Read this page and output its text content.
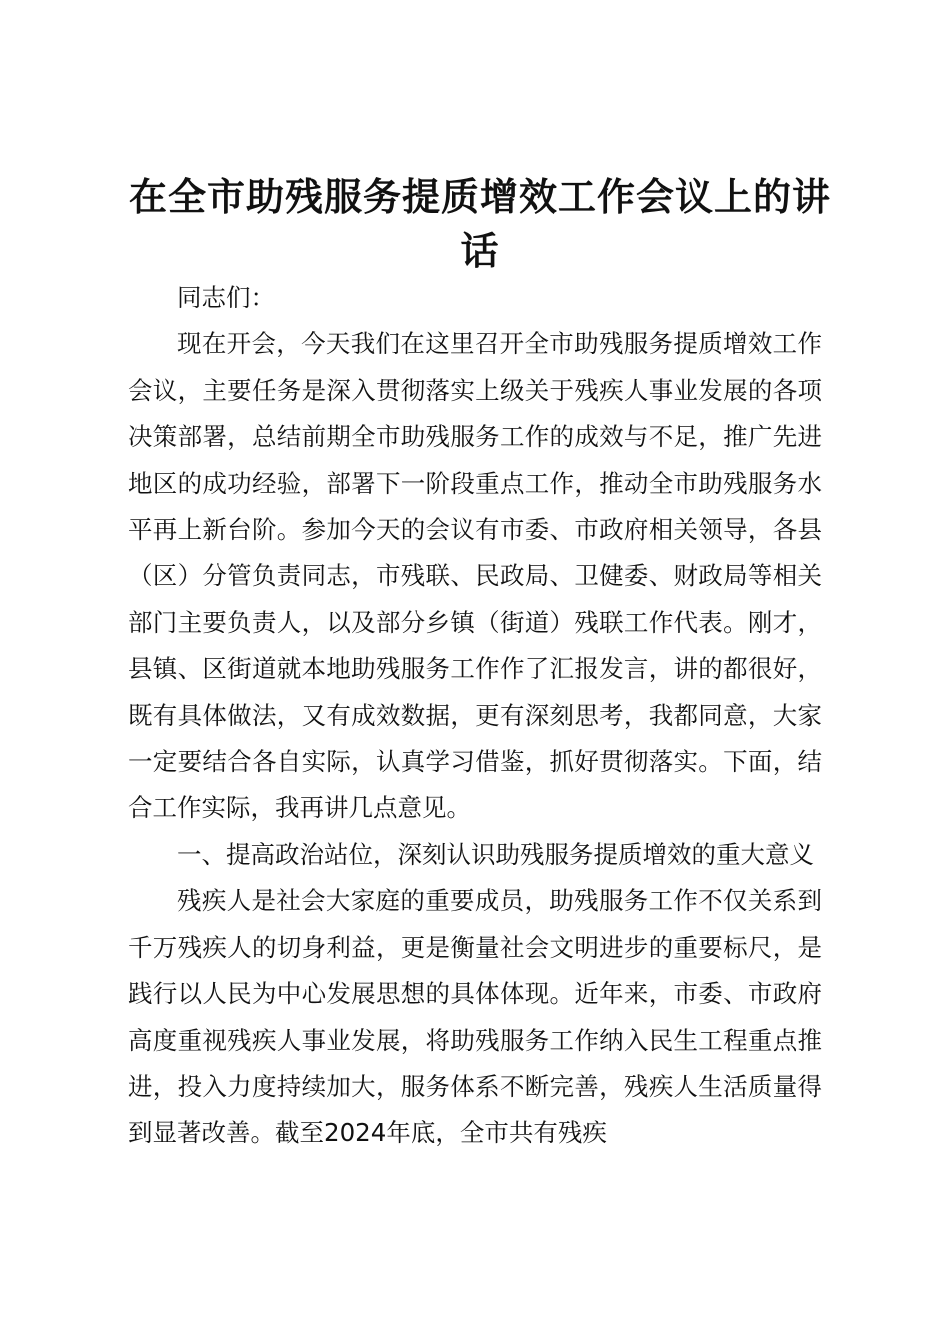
在全市助残服务提质增效工作会议上的讲话

同志们：

现在开会，今天我们在这里召开全市助残服务提质增效工作会议，主要任务是深入贯彻落实上级关于残疾人事业发展的各项决策部署，总结前期全市助残服务工作的成效与不足，推广先进地区的成功经验，部署下一阶段重点工作，推动全市助残服务水平再上新台阶。参加今天的会议有市委、市政府相关领导，各县（区）分管负责同志，市残联、民政局、卫健委、财政局等相关部门主要负责人，以及部分乡镇（街道）残联工作代表。刚才，县镇、区街道就本地助残服务工作作了汇报发言，讲的都很好，既有具体做法，又有成效数据，更有深刻思考，我都同意，大家一定要结合各自实际，认真学习借鉴，抓好贯彻落实。下面，结合工作实际，我再讲几点意见。

一、提高政治站位，深刻认识助残服务提质增效的重大意义

残疾人是社会大家庭的重要成员，助残服务工作不仅关系到千万残疾人的切身利益，更是衡量社会文明进步的重要标尺，是践行以人民为中心发展思想的具体体现。近年来，市委、市政府高度重视残疾人事业发展，将助残服务工作纳入民生工程重点推进，投入力度持续加大，服务体系不断完善，残疾人生活质量得到显著改善。截至2024年底，全市共有残疾
